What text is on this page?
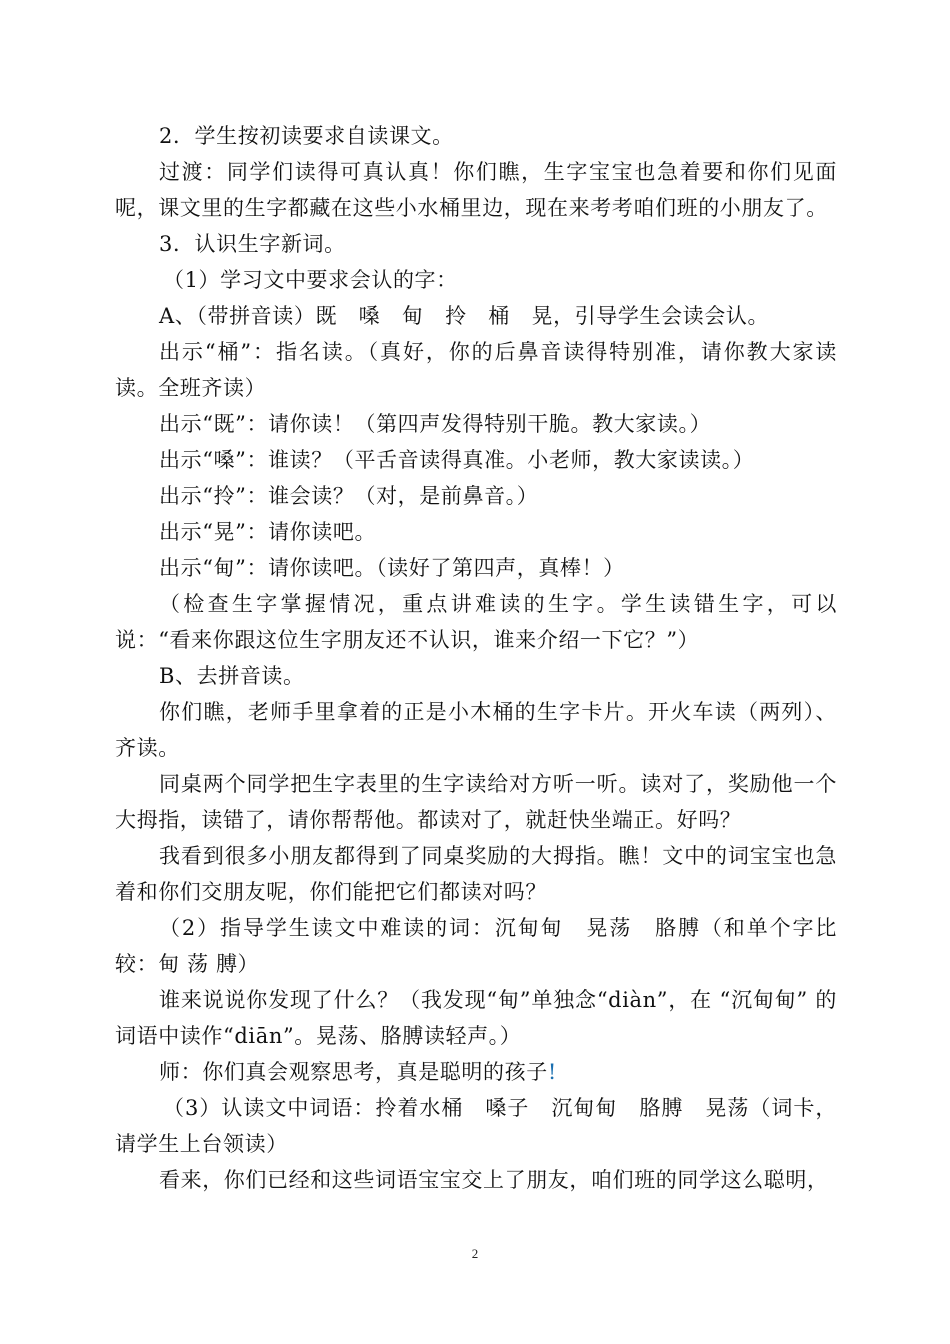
2．学生按初读要求自读课文。

过渡：同学们读得可真认真！你们瞧，生字宝宝也急着要和你们见面呢，课文里的生字都藏在这些小水桶里边，现在来考考咱们班的小朋友了。

3．认识生字新词。

（1）学习文中要求会认的字：

A、（带拼音读）既　嗓　甸　拎　桶　晃，引导学生会读会认。

出示“桶”：指名读。（真好，你的后鼻音读得特别准，请你教大家读读。全班齐读）

出示“既”：请你读！（第四声发得特别干脆。教大家读。）

出示“嗓”：谁读？（平舌音读得真准。小老师，教大家读读。）

出示“拎”：谁会读？（对，是前鼻音。）

出示“晃”：请你读吧。

出示“甸”：请你读吧。（读好了第四声，真棒！）

（检查生字掌握情况，重点讲难读的生字。学生读错生字，可以说：“看来你跟这位生字朋友还不认识，谁来介绍一下它？”）

B、去拼音读。

你们瞧，老师手里拿着的正是小木桶的生字卡片。开火车读（两列）、齐读。

同桌两个同学把生字表里的生字读给对方听一听。读对了，奖励他一个大拇指，读错了，请你帮帮他。都读对了，就赶快坐端正。好吗？

我看到很多小朋友都得到了同桌奖励的大拇指。瞧！文中的词宝宝也急着和你们交朋友呢，你们能把它们都读对吗？

（2）指导学生读文中难读的词：沉甸甸　晃荡　胳膊（和单个字比较：甸 荡 膊）

谁来说说你发现了什么？（我发现“甸”单独念“diàn”，在 “沉甸甸” 的词语中读作“diān”。晃荡、胳膊读轻声。）

师：你们真会观察思考，真是聪明的孩子!

（3）认读文中词语：拎着水桶　嗓子　沉甸甸　胳膊　晃荡（词卡，请学生上台领读）

看来，你们已经和这些词语宝宝交上了朋友，咱们班的同学这么聪明，

2
